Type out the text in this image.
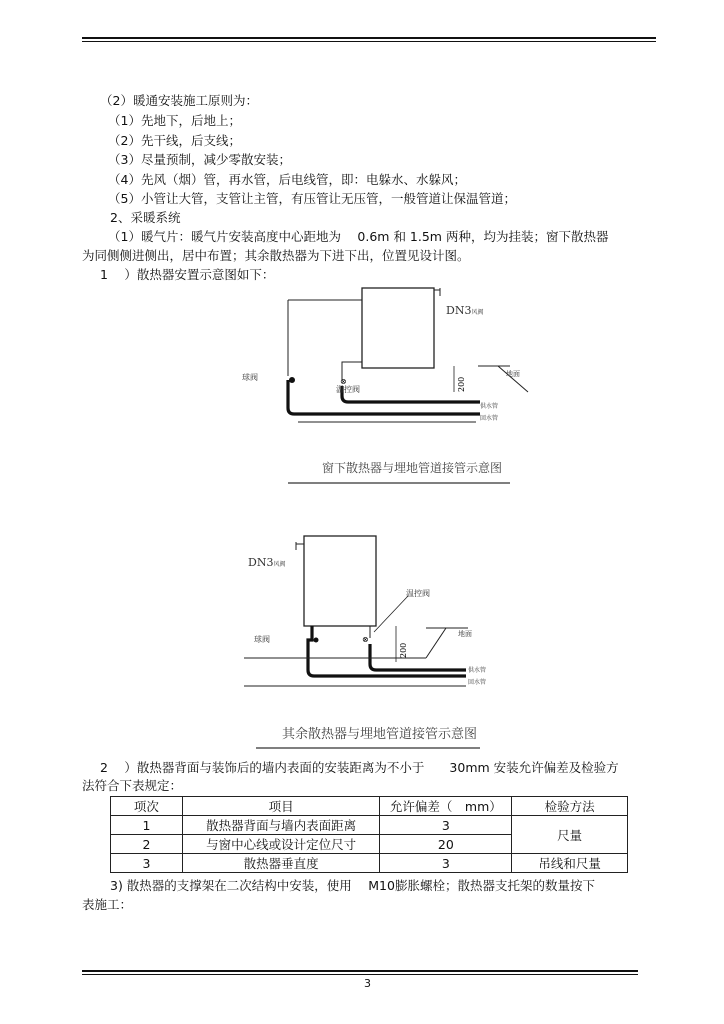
（2）暖通安装施工原则为：
（1）先地下，后地上；
（2）先干线，后支线；
（3）尽量预制，减少零散安装；
（4）先风（烟）管，再水管，后电线管，即：电躲水、水躲风；
（5）小管让大管，支管让主管，有压管让无压管，一般管道让保温管道；
2、采暖系统
（1）暖气片：暖气片安装高度中心距地为　 0.6m 和 1.5m 两种，均为挂装；窗下散热器
为同侧侧进侧出，居中布置；其余散热器为下进下出，位置见设计图。
1　 ）散热器安置示意图如下：
DN3风阀
⊗
球阀
温控阀	200
地面
供水管
回水管
窗下散热器与埋地管道接管示意图
DN3风阀
⊗
温控阀
球阀
200
地面
供水管
回水管
其余散热器与埋地管道接管示意图
2　 ）散热器背面与装饰后的墙内表面的安装距离为不小于　　30mm 安装允许偏差及检验方
法符合下表规定：
项次	项目	允许偏差（　mm）	检验方法
1	散热器背面与墙内表面距离	3	尺量
2	与窗中心线或设计定位尺寸	20	
3	散热器垂直度	3	吊线和尺量
3) 散热器的支撑架在二次结构中安装，使用　 M10膨胀螺栓；散热器支托架的数量按下
表施工：
3
